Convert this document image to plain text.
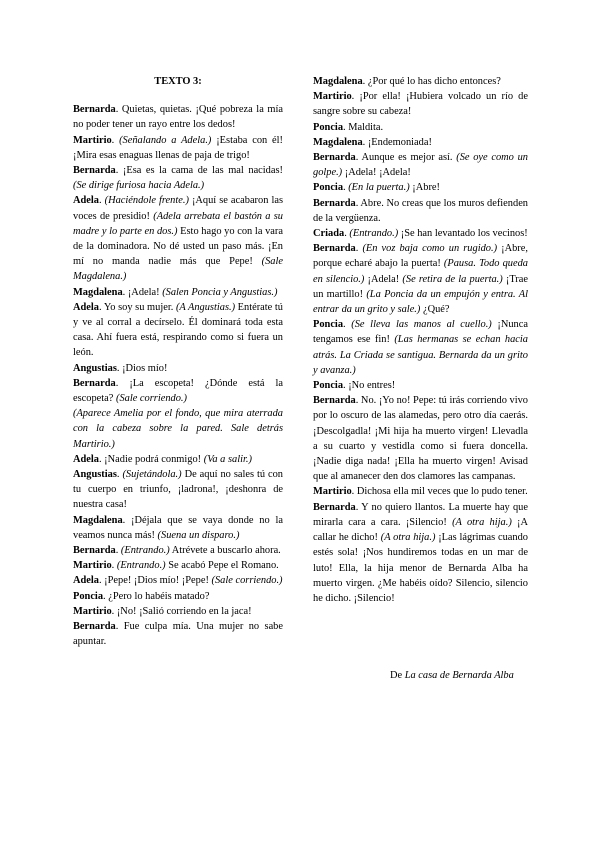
TEXTO 3:

Bernarda. Quietas, quietas. ¡Qué pobreza la mía no poder tener un rayo entre los dedos!

Martirio. (Señalando a Adela.) ¡Estaba con él! ¡Mira esas enaguas llenas de paja de trigo!

Bernarda. ¡Esa es la cama de las mal nacidas! (Se dirige furiosa hacia Adela.)

Adela. (Haciéndole frente.) ¡Aquí se acabaron las voces de presidio! (Adela arrebata el bastón a su madre y lo parte en dos.) Esto hago yo con la vara de la dominadora. No dé usted un paso más. ¡En mí no manda nadie más que Pepe! (Sale Magdalena.)

Magdalena. ¡Adela! (Salen Poncia y Angustias.)

Adela. Yo soy su mujer. (A Angustias.) Entérate tú y ve al corral a decírselo. Él dominará toda esta casa. Ahí fuera está, respirando como si fuera un león.

Angustias. ¡Dios mío!

Bernarda. ¡La escopeta! ¿Dónde está la escopeta? (Sale corriendo.)

(Aparece Amelia por el fondo, que mira aterrada con la cabeza sobre la pared. Sale detrás Martirio.)

Adela. ¡Nadie podrá conmigo! (Va a salir.)

Angustias. (Sujetándola.) De aquí no sales tú con tu cuerpo en triunfo, ¡ladrona!, ¡deshonra de nuestra casa!

Magdalena. ¡Déjala que se vaya donde no la veamos nunca más! (Suena un disparo.)

Bernarda. (Entrando.) Atrévete a buscarlo ahora.

Martirio. (Entrando.) Se acabó Pepe el Romano.

Adela. ¡Pepe! ¡Dios mío! ¡Pepe! (Sale corriendo.)

Poncia. ¿Pero lo habéis matado?

Martirio. ¡No! ¡Salió corriendo en la jaca!

Bernarda. Fue culpa mía. Una mujer no sabe apuntar.

Magdalena. ¿Por qué lo has dicho entonces?

Martirio. ¡Por ella! ¡Hubiera volcado un río de sangre sobre su cabeza!

Poncia. Maldita.

Magdalena. ¡Endemoniada!

Bernarda. Aunque es mejor así. (Se oye como un golpe.) ¡Adela! ¡Adela!

Poncia. (En la puerta.) ¡Abre!

Bernarda. Abre. No creas que los muros defienden de la vergüenza.

Criada. (Entrando.) ¡Se han levantado los vecinos!

Bernarda. (En voz baja como un rugido.) ¡Abre, porque echaré abajo la puerta! (Pausa. Todo queda en silencio.) ¡Adela! (Se retira de la puerta.) ¡Trae un martillo! (La Poncia da un empujón y entra. Al entrar da un grito y sale.) ¿Qué?

Poncia. (Se lleva las manos al cuello.) ¡Nunca tengamos ese fin! (Las hermanas se echan hacia atrás. La Criada se santigua. Bernarda da un grito y avanza.)

Poncia. ¡No entres!

Bernarda. No. ¡Yo no! Pepe: tú irás corriendo vivo por lo oscuro de las alamedas, pero otro día caerás. ¡Descolgadla! ¡Mi hija ha muerto virgen! Llevadla a su cuarto y vestidla como si fuera doncella. ¡Nadie diga nada! ¡Ella ha muerto virgen! Avisad que al amanecer den dos clamores las campanas.

Martirio. Dichosa ella mil veces que lo pudo tener.

Bernarda. Y no quiero llantos. La muerte hay que mirarla cara a cara. ¡Silencio! (A otra hija.) ¡A callar he dicho! (A otra hija.) ¡Las lágrimas cuando estés sola! ¡Nos hundiremos todas en un mar de luto! Ella, la hija menor de Bernarda Alba ha muerto virgen. ¿Me habéis oído? Silencio, silencio he dicho. ¡Silencio!

De La casa de Bernarda Alba
